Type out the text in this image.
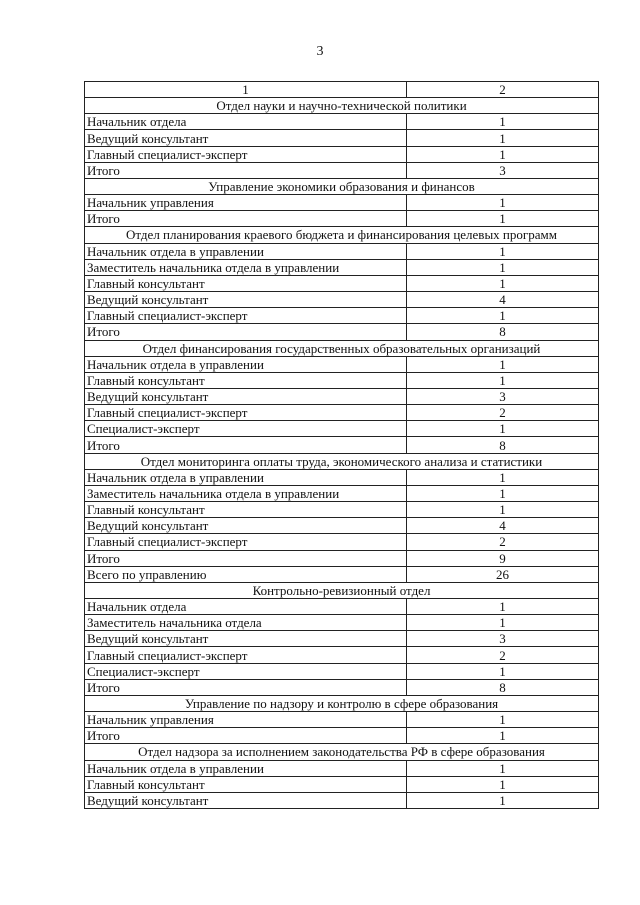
3
1	2
Отдел науки и научно-технической политики	
Начальник отдела	1
Ведущий консультант	1
Главный специалист-эксперт	1
Итого	3
Управление экономики образования и финансов	
Начальник управления	1
Итого	1
Отдел планирования краевого бюджета и финансирования целевых программ	
Начальник отдела в управлении	1
Заместитель начальника отдела в управлении	1
Главный консультант	1
Ведущий консультант	4
Главный специалист-эксперт	1
Итого	8
Отдел финансирования государственных образовательных организаций	
Начальник отдела в управлении	1
Главный консультант	1
Ведущий консультант	3
Главный специалист-эксперт	2
Специалист-эксперт	1
Итого	8
Отдел мониторинга оплаты труда, экономического анализа и статистики	
Начальник отдела в управлении	1
Заместитель начальника отдела в управлении	1
Главный консультант	1
Ведущий консультант	4
Главный специалист-эксперт	2
Итого	9
Всего по управлению	26
Контрольно-ревизионный отдел	
Начальник отдела	1
Заместитель начальника отдела	1
Ведущий консультант	3
Главный специалист-эксперт	2
Специалист-эксперт	1
Итого	8
Управление по надзору и контролю в сфере образования	
Начальник управления	1
Итого	1
Отдел надзора за исполнением законодательства РФ в сфере образования	
Начальник отдела в управлении	1
Главный консультант	1
Ведущий консультант	1
